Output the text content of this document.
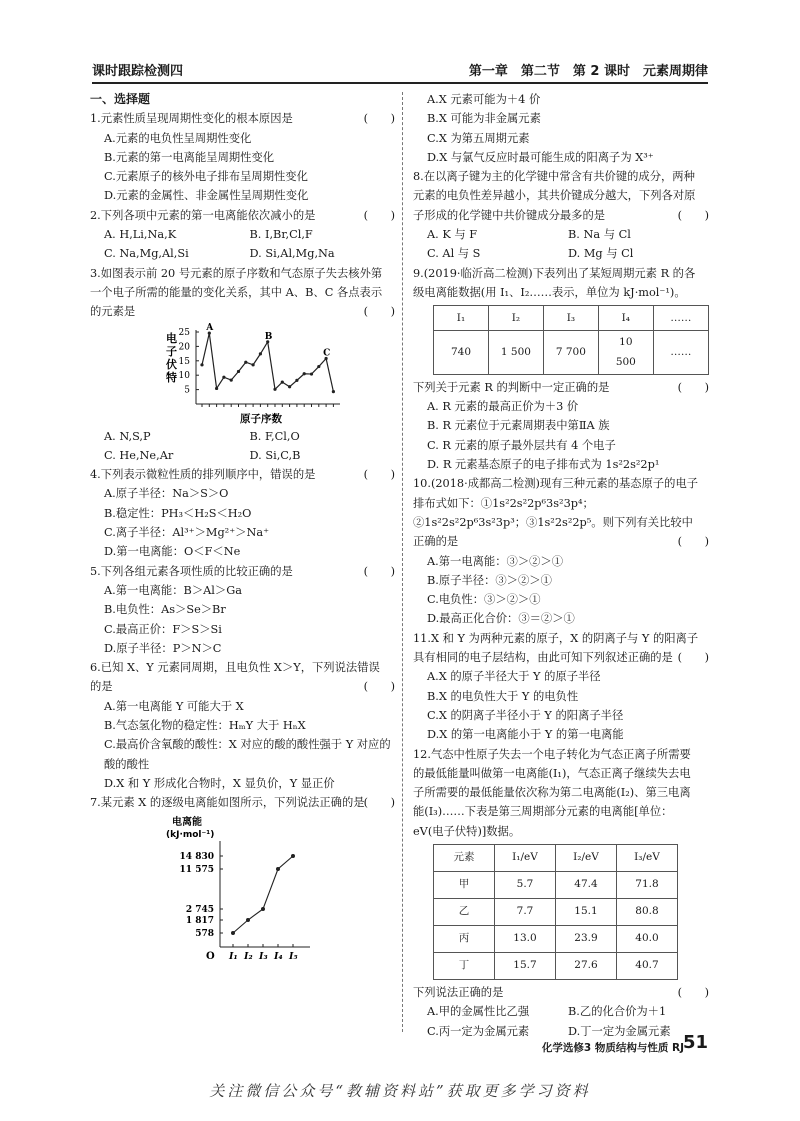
课时跟踪检测四	第一章　第二节　第 2 课时　元素周期律
一、选择题
1.元素性质呈现周期性变化的根本原因是	(　　)
A.元素的电负性呈周期性变化
B.元素的第一电离能呈周期性变化
C.元素原子的核外电子排布呈周期性变化
D.元素的金属性、非金属性呈周期性变化
2.下列各项中元素的第一电离能依次减小的是	(　　)
A. H,Li,Na,K	B. I,Br,Cl,F
C. Na,Mg,Al,Si	D. Si,Al,Mg,Na
3.如图表示前 20 号元素的原子序数和气态原子失去核外第一个电子所需的能量的变化关系，其中 A、B、C 各点表示的元素是	(　　)
25
20
15
10
5
A
B
C
原子序数
电子伏特
A. N,S,P	B. F,Cl,O
C. He,Ne,Ar	D. Si,C,B
4.下列表示微粒性质的排列顺序中，错误的是	(　　)
A.原子半径：Na＞S＞O
B.稳定性：PH₃＜H₂S＜H₂O
C.离子半径：Al³⁺＞Mg²⁺＞Na⁺
D.第一电离能：O＜F＜Ne
5.下列各组元素各项性质的比较正确的是	(　　)
A.第一电离能：B＞Al＞Ga
B.电负性：As＞Se＞Br
C.最高正价：F＞S＞Si
D.原子半径：P＞N＞C
6.已知 X、Y 元素同周期，且电负性 X＞Y，下列说法错误的是	(　　)
A.第一电离能 Y 可能大于 X
B.气态氢化物的稳定性：HₘY 大于 HₙX
C.最高价含氧酸的酸性：X 对应的酸的酸性强于 Y 对应的酸的酸性
D.X 和 Y 形成化合物时，X 显负价，Y 显正价
7.某元素 X 的逐级电离能如图所示，下列说法正确的是 (　　)
电离能
(kJ·mol⁻¹)
O
14 830
11 575
2 745
1 817
578
I₁ I₂ I₃ I₄ I₅
A.X 元素可能为＋4 价
B.X 可能为非金属元素
C.X 为第五周期元素
D.X 与氯气反应时最可能生成的阳离子为 X³⁺
8.在以离子键为主的化学键中常含有共价键的成分，两种元素的电负性差异越小，其共价键成分越大，下列各对原子形成的化学键中共价键成分最多的是	(　　)
A. K 与 F	B. Na 与 Cl
C. Al 与 S	D. Mg 与 Cl
9.(2019·临沂高二检测)下表列出了某短周期元素 R 的各级电离能数据(用 I₁、I₂……表示，单位为 kJ·mol⁻¹)。
I₁	I₂	I₃	I₄	……
740	1 500	7 700	10 500	……
下列关于元素 R 的判断中一定正确的是	(　　)
A. R 元素的最高正价为＋3 价
B. R 元素位于元素周期表中第ⅡA 族
C. R 元素的原子最外层共有 4 个电子
D. R 元素基态原子的电子排布式为 1s²2s²2p¹
10.(2018·成都高二检测)现有三种元素的基态原子的电子排布式如下：①1s²2s²2p⁶3s²3p⁴；②1s²2s²2p⁶3s²3p³；③1s²2s²2p⁵。则下列有关比较中正确的是	(　　)
A.第一电离能：③＞②＞①
B.原子半径：③＞②＞①
C.电负性：③＞②＞①
D.最高正化合价：③＝②＞①
11.X 和 Y 为两种元素的原子，X 的阴离子与 Y 的阳离子具有相同的电子层结构，由此可知下列叙述正确的是 (　　)
A.X 的原子半径大于 Y 的原子半径
B.X 的电负性大于 Y 的电负性
C.X 的阴离子半径小于 Y 的阳离子半径
D.X 的第一电离能小于 Y 的第一电离能
12.气态中性原子失去一个电子转化为气态正离子所需要的最低能量叫做第一电离能(I₁)，气态正离子继续失去电子所需要的最低能量依次称为第二电离能(I₂)、第三电离能(I₃)……下表是第三周期部分元素的电离能[单位：eV(电子伏特)]数据。
元素	I₁/eV	I₂/eV	I₃/eV
甲	5.7	47.4	71.8
乙	7.7	15.1	80.8
丙	13.0	23.9	40.0
丁	15.7	27.6	40.7
下列说法正确的是	(　　)
A.甲的金属性比乙强	B.乙的化合价为＋1
C.丙一定为金属元素	D.丁一定为金属元素
化学选修3 物质结构与性质 RJ
51
关注微信公众号“教辅资料站”获取更多学习资料
